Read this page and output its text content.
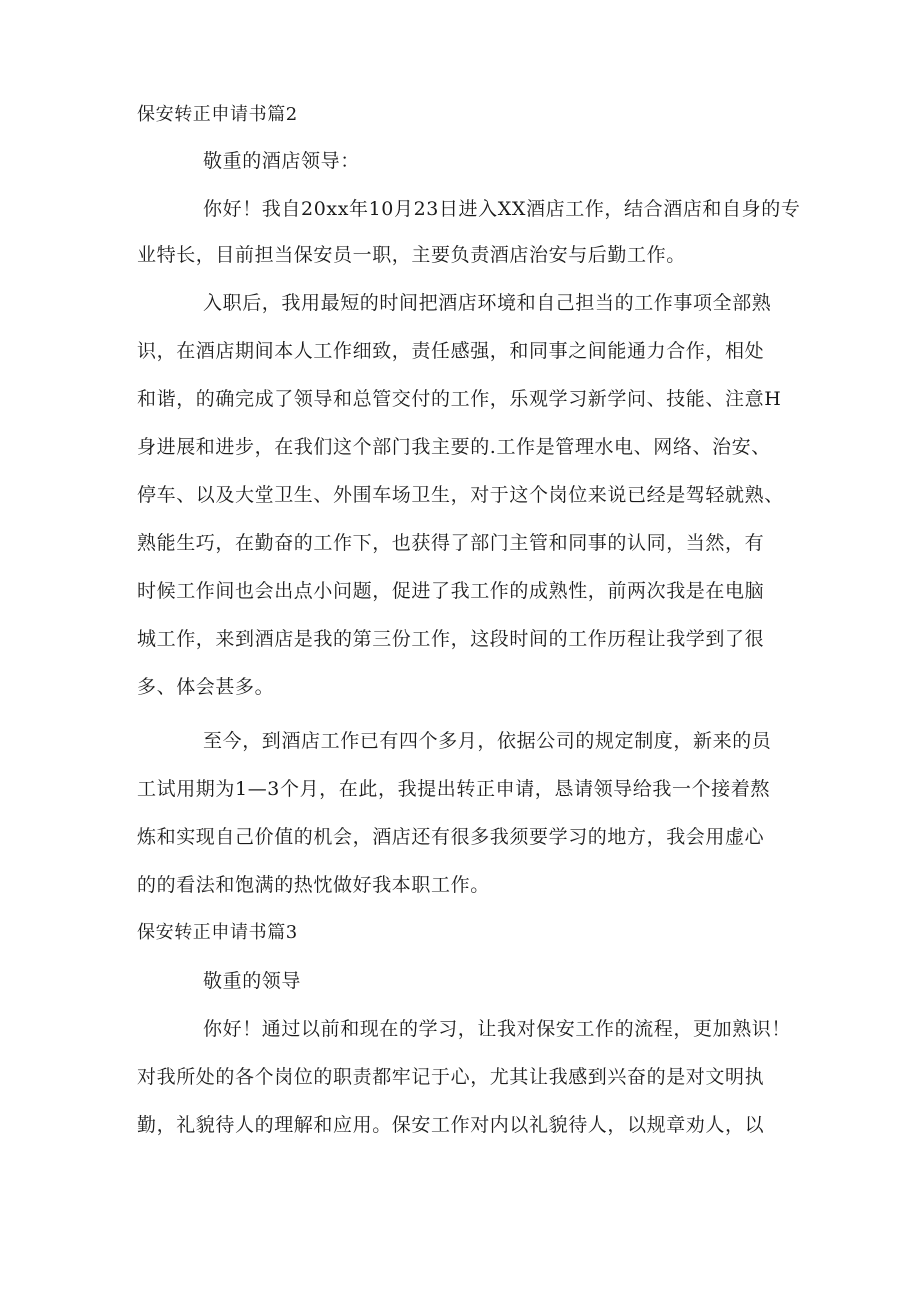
保安转正申请书篇2
敬重的酒店领导：
你好！我自20xx年10月23日进入XX酒店工作，结合酒店和自身的专
业特长，目前担当保安员一职，主要负责酒店治安与后勤工作。
入职后，我用最短的时间把酒店环境和自己担当的工作事项全部熟
识，在酒店期间本人工作细致，责任感强，和同事之间能通力合作，相处
和谐，的确完成了领导和总管交付的工作，乐观学习新学问、技能、注意H
身进展和进步，在我们这个部门我主要的.工作是管理水电、网络、治安、
停车、以及大堂卫生、外围车场卫生，对于这个岗位来说已经是驾轻就熟、
熟能生巧，在勤奋的工作下，也获得了部门主管和同事的认同，当然，有
时候工作间也会出点小问题，促进了我工作的成熟性，前两次我是在电脑
城工作，来到酒店是我的第三份工作，这段时间的工作历程让我学到了很
多、体会甚多。
至今，到酒店工作已有四个多月，依据公司的规定制度，新来的员
工试用期为1—3个月，在此，我提出转正申请，恳请领导给我一个接着熬
炼和实现自己价值的机会，酒店还有很多我须要学习的地方，我会用虚心
的的看法和饱满的热忱做好我本职工作。
保安转正申请书篇3
敬重的领导
你好！通过以前和现在的学习，让我对保安工作的流程，更加熟识！
对我所处的各个岗位的职责都牢记于心，尤其让我感到兴奋的是对文明执
勤，礼貌待人的理解和应用。保安工作对内以礼貌待人，以规章劝人，以
